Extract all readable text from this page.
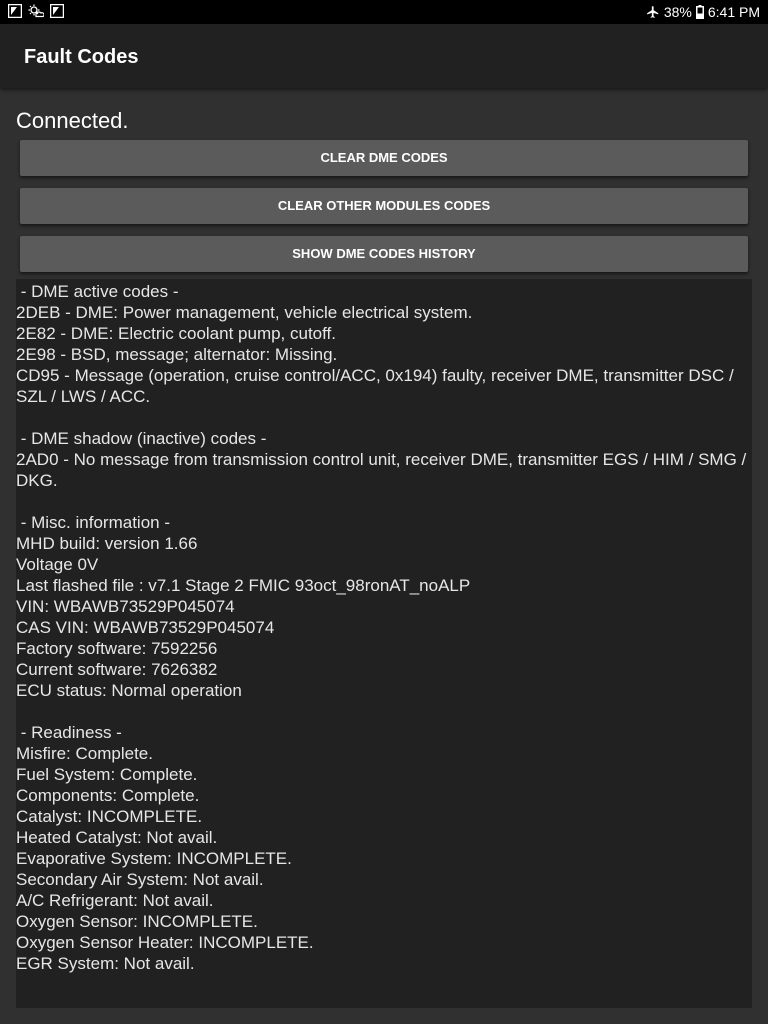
38% 6:41 PM
Fault Codes
Connected.
CLEAR DME CODES
CLEAR OTHER MODULES CODES
SHOW DME CODES HISTORY
- DME active codes -
2DEB - DME: Power management, vehicle electrical system.
2E82 - DME: Electric coolant pump, cutoff.
2E98 - BSD, message; alternator: Missing.
CD95 - Message (operation, cruise control/ACC, 0x194) faulty, receiver DME, transmitter DSC / SZL / LWS / ACC.
- DME shadow (inactive) codes -
2AD0 - No message from transmission control unit, receiver DME, transmitter EGS / HIM / SMG / DKG.
- Misc. information -
MHD build: version 1.66
Voltage 0V
Last flashed file : v7.1 Stage 2 FMIC 93oct_98ronAT_noALP
VIN: WBAWB73529P045074
CAS VIN: WBAWB73529P045074
Factory software: 7592256
Current software: 7626382
ECU status: Normal operation
- Readiness -
Misfire: Complete.
Fuel System: Complete.
Components: Complete.
Catalyst: INCOMPLETE.
Heated Catalyst: Not avail.
Evaporative System: INCOMPLETE.
Secondary Air System: Not avail.
A/C Refrigerant: Not avail.
Oxygen Sensor: INCOMPLETE.
Oxygen Sensor Heater: INCOMPLETE.
EGR System: Not avail.
